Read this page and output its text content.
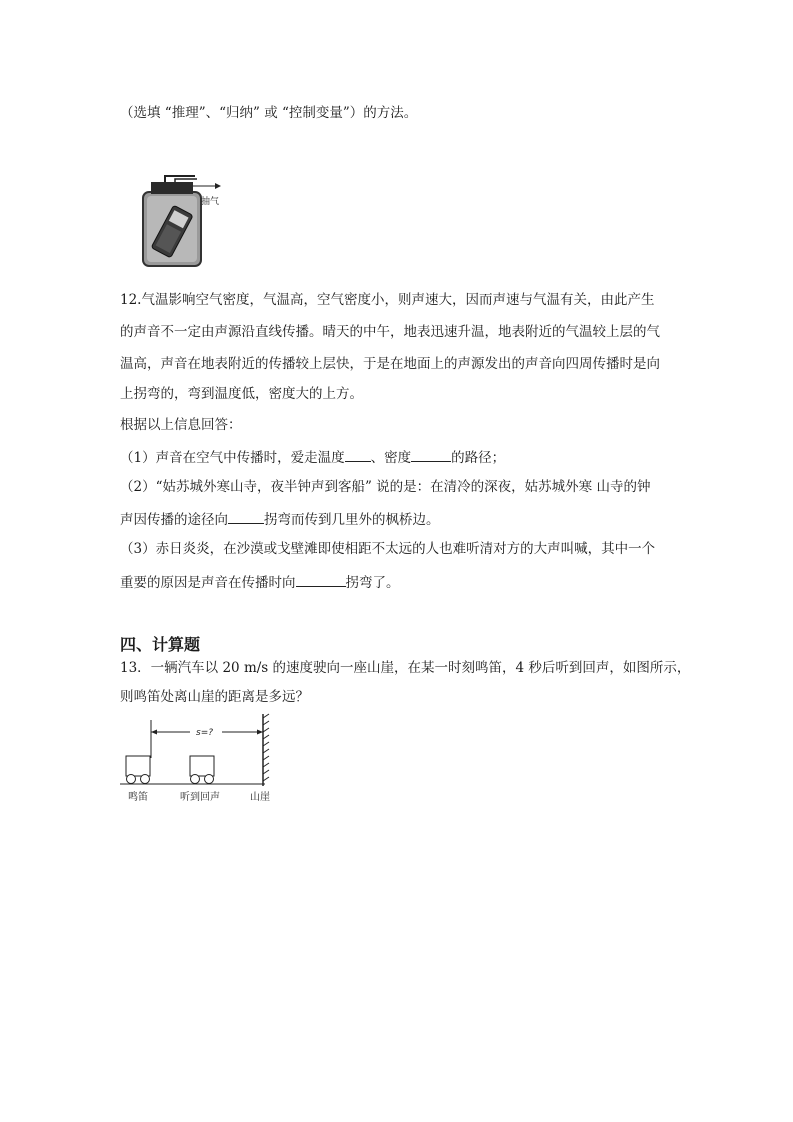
（选填 “推理”、“归纳” 或 “控制变量”）的方法。
抽气
12.气温影响空气密度，气温高，空气密度小，则声速大，因而声速与气温有关，由此产生
的声音不一定由声源沿直线传播。晴天的中午，地表迅速升温，地表附近的气温较上层的气
温高，声音在地表附近的传播较上层快，于是在地面上的声源发出的声音向四周传播时是向
上拐弯的，弯到温度低，密度大的上方。
根据以上信息回答：
（1）声音在空气中传播时，爱走温度 、密度	的路径；
（2）“姑苏城外寒山寺，夜半钟声到客船” 说的是：在清冷的深夜，姑苏城外寒 山寺的钟
声因传播的途径向	拐弯而传到几里外的枫桥边。
（3）赤日炎炎，在沙漠或戈壁滩即使相距不太远的人也难听清对方的大声叫喊，其中一个
重要的原因是声音在传播时向	拐弯了。
四、计算题
13．一辆汽车以 20 m/s 的速度驶向一座山崖，在某一时刻鸣笛，4 秒后听到回声，如图所示，
则鸣笛处离山崖的距离是多远？
s=?
鸣笛	听到回声	山崖
